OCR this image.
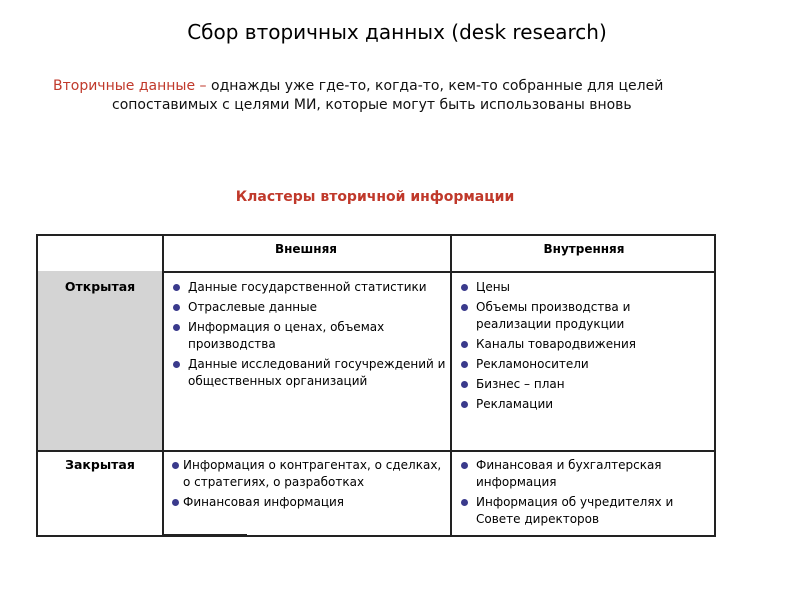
Сбор вторичных данных (desk research)
Вторичные данные – однажды уже где-то, когда-то, кем-то собранные для целей
сопоставимых с целями МИ, которые могут быть использованы вновь
Кластеры вторичной информации
Внешняя	Внутренняя
Открытая
Закрытая
Данные государственной статистики
Отраслевые данные
Информация о ценах, объемах производства
Данные исследований госучреждений и общественных организаций
Цены
Объемы производства и реализации продукции
Каналы товародвижения
Рекламоносители
Бизнес – план
Рекламации
Информация о контрагентах, о сделках, о стратегиях, о разработках
Финансовая информация
Финансовая и бухгалтерская информация
Информация об учредителях и Совете директоров
